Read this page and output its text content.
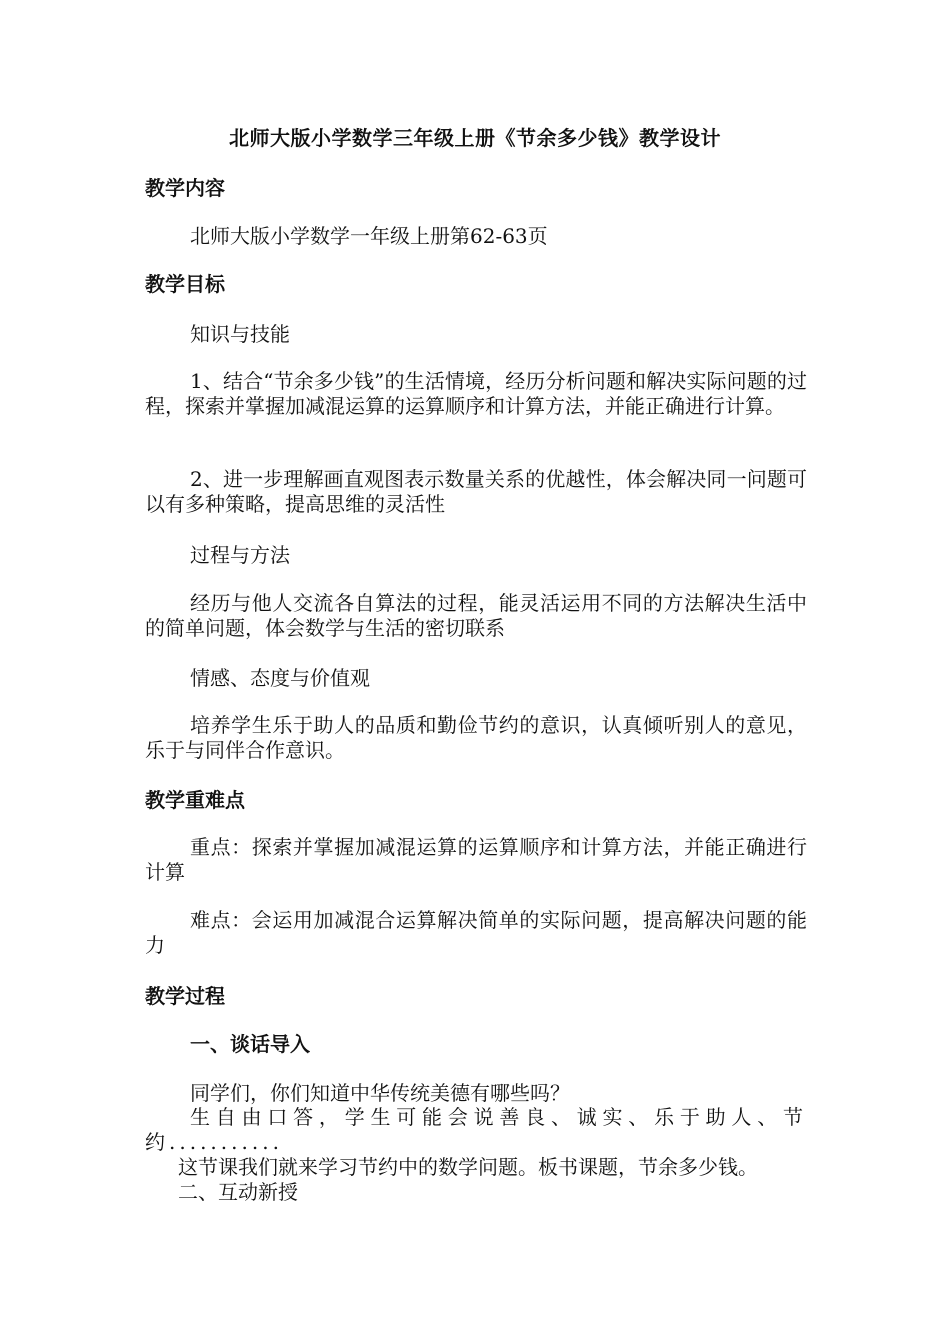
北师大版小学数学三年级上册《节余多少钱》教学设计
教学内容
北师大版小学数学一年级上册第62-63页
教学目标
知识与技能

1、结合“节余多少钱”的生活情境，经历分析问题和解决实际问题的过程，探索并掌握加减混运算的运算顺序和计算方法，并能正确进行计算。

2、进一步理解画直观图表示数量关系的优越性，体会解决同一问题可以有多种策略，提高思维的灵活性

过程与方法

经历与他人交流各自算法的过程，能灵活运用不同的方法解决生活中的简单问题，体会数学与生活的密切联系

情感、态度与价值观

培养学生乐于助人的品质和勤俭节约的意识，认真倾听别人的意见，乐于与同伴合作意识。

教学重难点

重点：探索并掌握加减混运算的运算顺序和计算方法，并能正确进行计算

难点：会运用加减混合运算解决简单的实际问题，提高解决问题的能力

教学过程
一、谈话导入

同学们，你们知道中华传统美德有哪些吗？

生自由口答，学生可能会说善良、诚实、乐于助人、节约...........

这节课我们就来学习节约中的数学问题。板书课题，节余多少钱。

二、互动新授
